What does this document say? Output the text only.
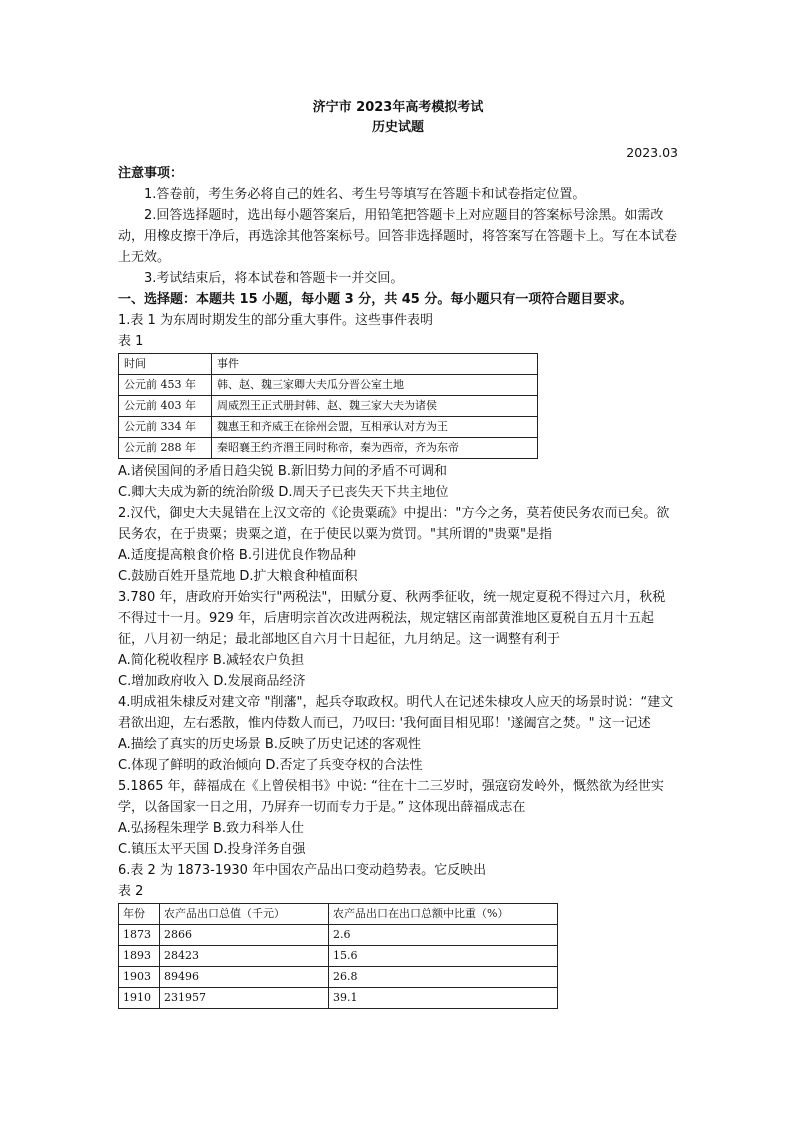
济宁市 2023年高考模拟考试

历史试题

2023.03

注意事项：

1.答卷前，考生务必将自己的姓名、考生号等填写在答题卡和试卷指定位置。

2.回答选择题时，选出每小题答案后，用铅笔把答题卡上对应题目的答案标号涂黑。如需改动，用橡皮擦干净后，再选涂其他答案标号。回答非选择题时，将答案写在答题卡上。写在本试卷上无效。

3.考试结束后，将本试卷和答题卡一并交回。

一、选择题：本题共 15 小题，每小题 3 分，共 45 分。每小题只有一项符合题目要求。

1.表 1 为东周时期发生的部分重大事件。这些事件表明

表 1

时间	事件
公元前 453 年	韩、赵、魏三家卿大夫瓜分晋公室土地
公元前 403 年	周威烈王正式册封韩、赵、魏三家大夫为诸侯
公元前 334 年	魏惠王和齐威王在徐州会盟，互相承认对方为王
公元前 288 年	秦昭襄王约齐湣王同时称帝，秦为西帝，齐为东帝

A.诸侯国间的矛盾日趋尖锐 B.新旧势力间的矛盾不可调和

C.卿大夫成为新的统治阶级 D.周天子已丧失天下共主地位

2.汉代，御史大夫晁错在上汉文帝的《论贵粟疏》中提出："方今之务，莫若使民务农而已矣。欲民务农，在于贵粟；贵粟之道，在于使民以粟为赏罚。"其所谓的"贵粟"是指

A.适度提高粮食价格 B.引进优良作物品种

C.鼓励百姓开垦荒地 D.扩大粮食种植面积

3.780 年，唐政府开始实行"两税法"，田赋分夏、秋两季征收，统一规定夏税不得过六月，秋税不得过十一月。929 年，后唐明宗首次改进两税法，规定辖区南部黄淮地区夏税自五月十五起征，八月初一纳足；最北部地区自六月十日起征，九月纳足。这一调整有利于

A.简化税收程序 B.减轻农户负担

C.增加政府收入 D.发展商品经济

4.明成祖朱棣反对建文帝 "削藩"，起兵夺取政权。明代人在记述朱棣攻人应天的场景时说：“建文君欲出迎，左右悉散，惟内侍数人而已，乃叹曰: '我何面目相见耶！'遂阖宫之焚。" 这一记述

A.描绘了真实的历史场景 B.反映了历史记述的客观性

C.体现了鲜明的政治倾向 D.否定了兵变夺权的合法性

5.1865 年，薛福成在《上曾侯相书》中说: “往在十二三岁时，强寇窃发岭外，慨然欲为经世实学，以备国家一日之用，乃屏弃一切而专力于是。” 这体现出薛福成志在

A.弘扬程朱理学 B.致力科举人仕

C.镇压太平天国 D.投身洋务自强

6.表 2 为 1873-1930 年中国农产品出口变动趋势表。它反映出

表 2

年份	农产品出口总值（千元）	农产品出口在出口总额中比重（%）
1873	2866	2.6
1893	28423	15.6
1903	89496	26.8
1910	231957	39.1
